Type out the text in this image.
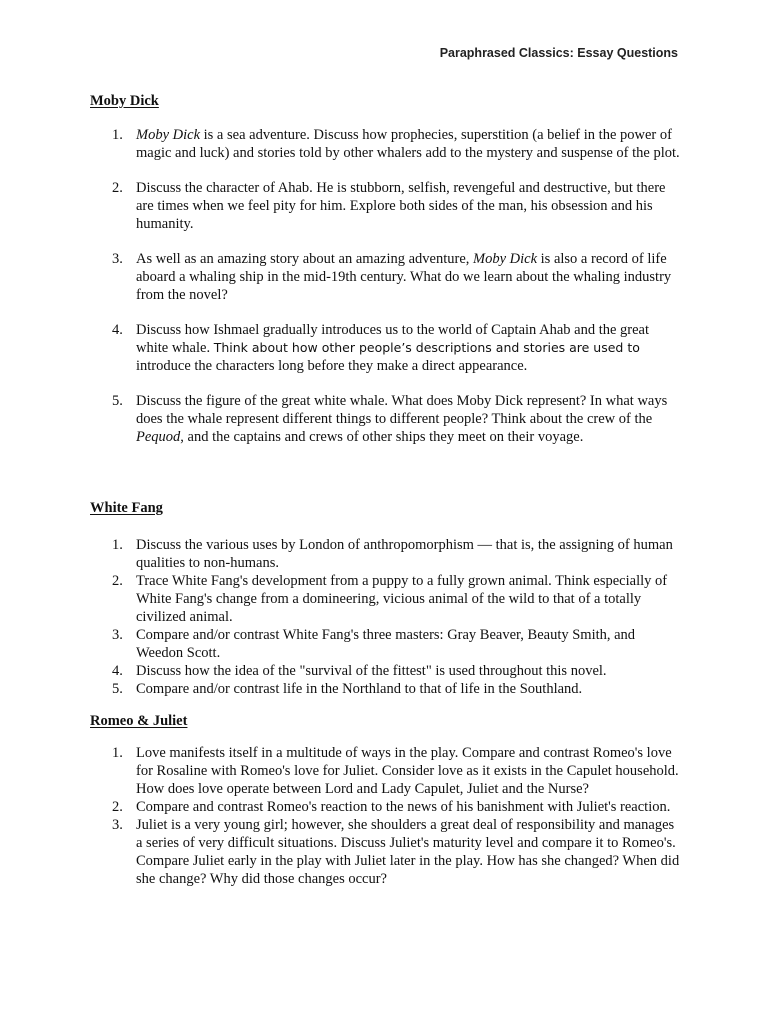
Paraphrased Classics: Essay Questions
Moby Dick
1. Moby Dick is a sea adventure. Discuss how prophecies, superstition (a belief in the power of magic and luck) and stories told by other whalers add to the mystery and suspense of the plot.
2. Discuss the character of Ahab. He is stubborn, selfish, revengeful and destructive, but there are times when we feel pity for him. Explore both sides of the man, his obsession and his humanity.
3. As well as an amazing story about an amazing adventure, Moby Dick is also a record of life aboard a whaling ship in the mid-19th century. What do we learn about the whaling industry from the novel?
4. Discuss how Ishmael gradually introduces us to the world of Captain Ahab and the great white whale. Think about how other people’s descriptions and stories are used to introduce the characters long before they make a direct appearance.
5. Discuss the figure of the great white whale. What does Moby Dick represent? In what ways does the whale represent different things to different people? Think about the crew of the Pequod, and the captains and crews of other ships they meet on their voyage.
White Fang
1. Discuss the various uses by London of anthropomorphism — that is, the assigning of human qualities to non-humans.
2. Trace White Fang's development from a puppy to a fully grown animal. Think especially of White Fang's change from a domineering, vicious animal of the wild to that of a totally civilized animal.
3. Compare and/or contrast White Fang's three masters: Gray Beaver, Beauty Smith, and Weedon Scott.
4. Discuss how the idea of the "survival of the fittest" is used throughout this novel.
5. Compare and/or contrast life in the Northland to that of life in the Southland.
Romeo & Juliet
1. Love manifests itself in a multitude of ways in the play. Compare and contrast Romeo's love for Rosaline with Romeo's love for Juliet. Consider love as it exists in the Capulet household. How does love operate between Lord and Lady Capulet, Juliet and the Nurse?
2. Compare and contrast Romeo's reaction to the news of his banishment with Juliet's reaction.
3. Juliet is a very young girl; however, she shoulders a great deal of responsibility and manages a series of very difficult situations. Discuss Juliet's maturity level and compare it to Romeo's. Compare Juliet early in the play with Juliet later in the play. How has she changed? When did she change? Why did those changes occur?
